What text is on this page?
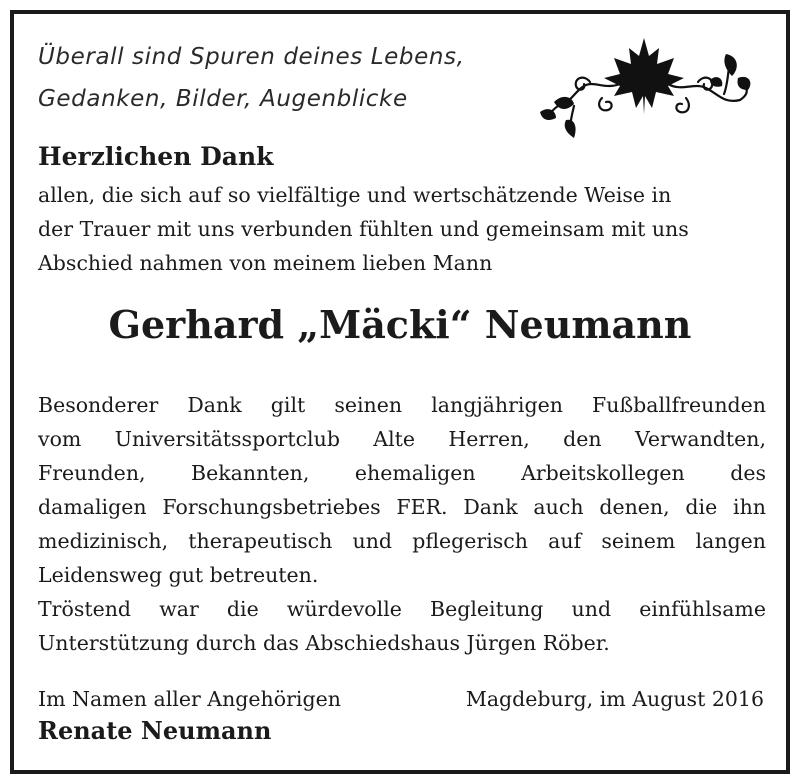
Überall sind Spuren deines Lebens,
Gedanken, Bilder, Augenblicke
Herzlichen Dank
allen, die sich auf so vielfältige und wertschätzende Weise in
der Trauer mit uns verbunden fühlten und gemeinsam mit uns
Abschied nahmen von meinem lieben Mann
Gerhard „Mäcki“ Neumann
Besonderer Dank gilt seinen langjährigen Fußballfreunden
vom Universitätssportclub Alte Herren, den Verwandten,
Freunden, Bekannten, ehemaligen Arbeitskollegen des
damaligen Forschungsbetriebes FER. Dank auch denen, die ihn
medizinisch, therapeutisch und pflegerisch auf seinem langen
Leidensweg gut betreuten.
Tröstend war die würdevolle Begleitung und einfühlsame
Unterstützung durch das Abschiedshaus Jürgen Röber.
Im Namen aller Angehörigen	Magdeburg, im August 2016
Renate Neumann
